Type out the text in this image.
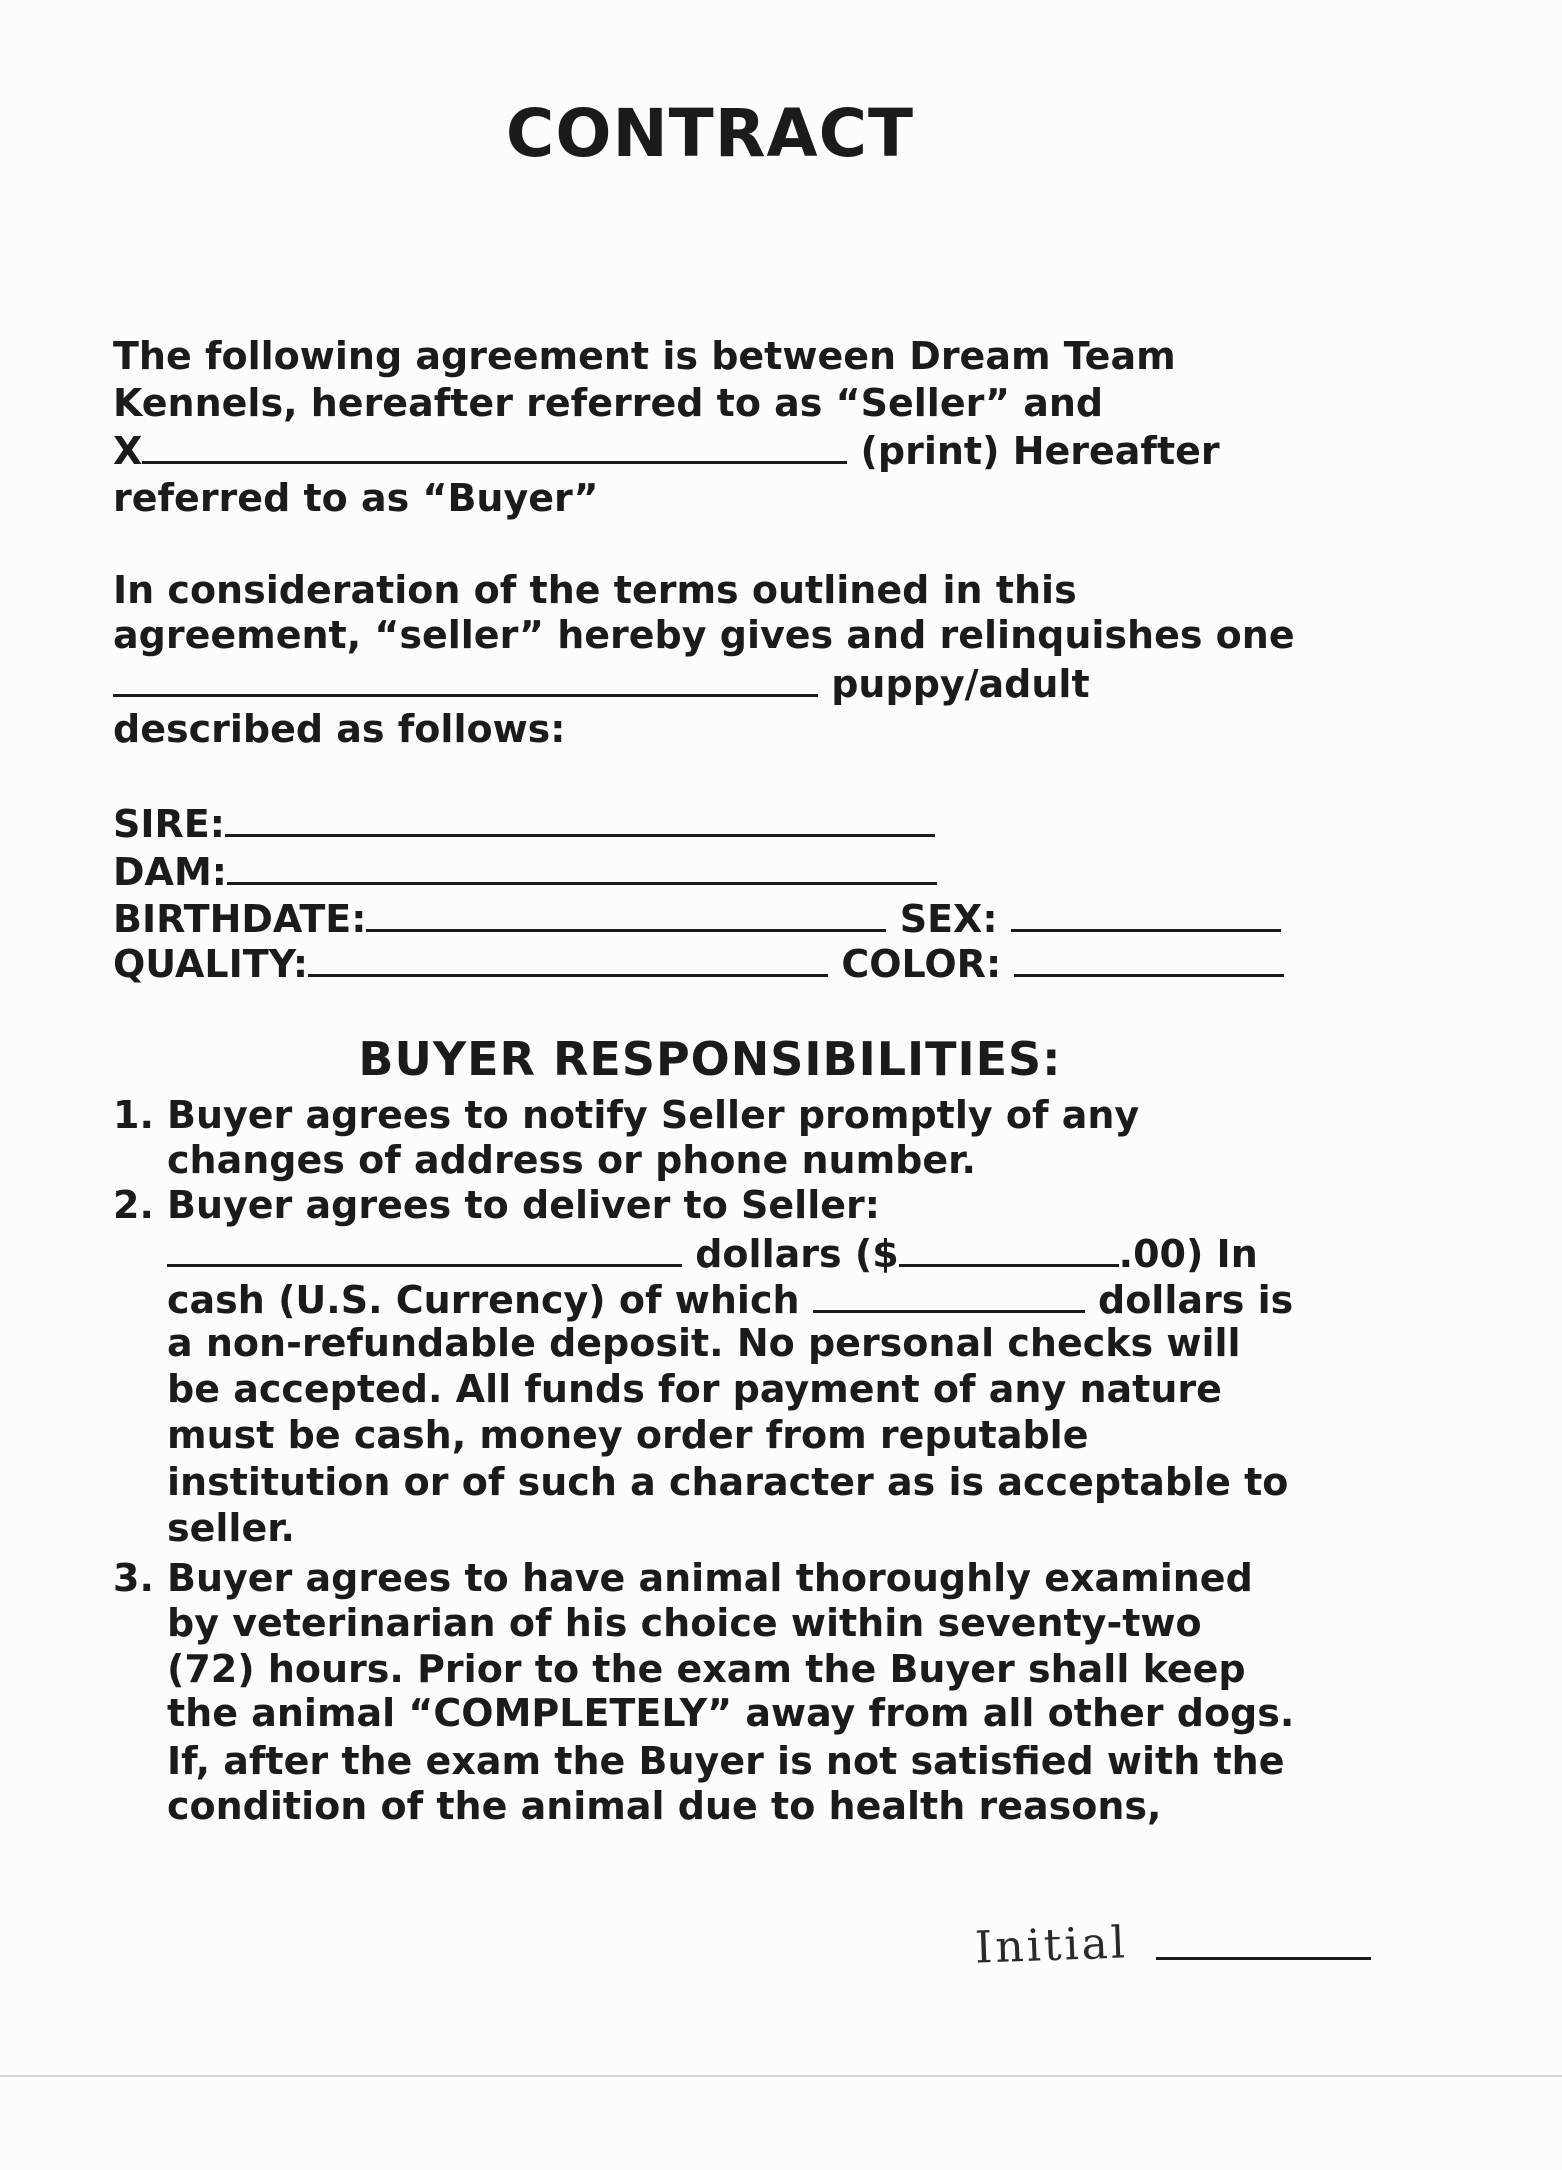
CONTRACT
The following agreement is between Dream Team
Kennels, hereafter referred to as “Seller” and
X	(print) Hereafter
referred to as “Buyer”
In consideration of the terms outlined in this
agreement, “seller” hereby gives and relinquishes one
puppy/adult
described as follows:
SIRE:
DAM:
BIRTHDATE:	SEX:
QUALITY:	COLOR:
BUYER RESPONSIBILITIES:
1. Buyer agrees to notify Seller promptly of any
changes of address or phone number.
2. Buyer agrees to deliver to Seller:
dollars ($	.00) In
cash (U.S. Currency) of which	dollars is
a non-refundable deposit. No personal checks will
be accepted. All funds for payment of any nature
must be cash, money order from reputable
institution or of such a character as is acceptable to
seller.
3. Buyer agrees to have animal thoroughly examined
by veterinarian of his choice within seventy-two
(72) hours. Prior to the exam the Buyer shall keep
the animal “COMPLETELY” away from all other dogs.
If, after the exam the Buyer is not satisfied with the
condition of the animal due to health reasons,
Initial
